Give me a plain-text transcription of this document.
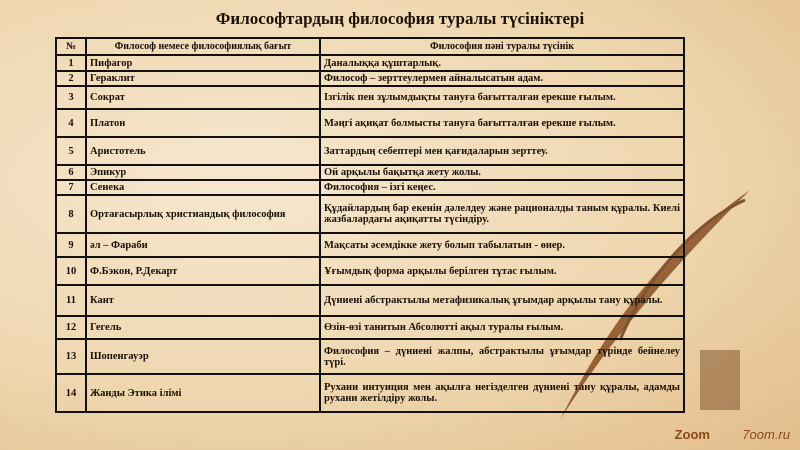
Философтардың философия туралы түсініктері
№	Философ немесе философиялық бағыт	Философия пәні туралы түсінік
1	Пифагор	Даналыққа құштарлық.
2	Гераклит	Философ – зерттеулермен айналысатын адам.
3	Сократ	Ізгілік пен зұлымдықты тануға бағытталған ерекше ғылым.
4	Платон	Мәңгі ақиқат болмысты тануға бағытталған ерекше ғылым.
5	Аристотель	Заттардың себептері мен қағидаларын зерттеу.
6	Эпикур	Ой арқылы бақытқа жету жолы.
7	Сенека	Философия – ізгі кеңес.
8	Ортағасырлық христиандық философия	Құдайлардың бар екенін дәлелдеу және рационалды таным құралы. Киелі жазбалардағы ақиқатты түсіндіру.
9	әл – Фараби	Мақсаты әсемдікке жету болып табылатын - өнер.
10	Ф.Бэкон, Р.Декарт	Ұғымдық форма арқылы берілген тұтас ғылым.
11	Кант	Дүниені абстрактылы метафизикалық ұғымдар арқылы тану құралы.
12	Гегель	Өзін-өзі танитын Абсолютті ақыл туралы ғылым.
13	Шопенгауэр	Философия – дүниені жалпы, абстрактылы ұғымдар түрінде бейнелеу түрі.
14	Жанды Этика ілімі	Рухани интуиция мен ақылға негізделген дүниені тану құралы, адамды рухани жетілдіру жолы.
Zoom 7oom.ru
